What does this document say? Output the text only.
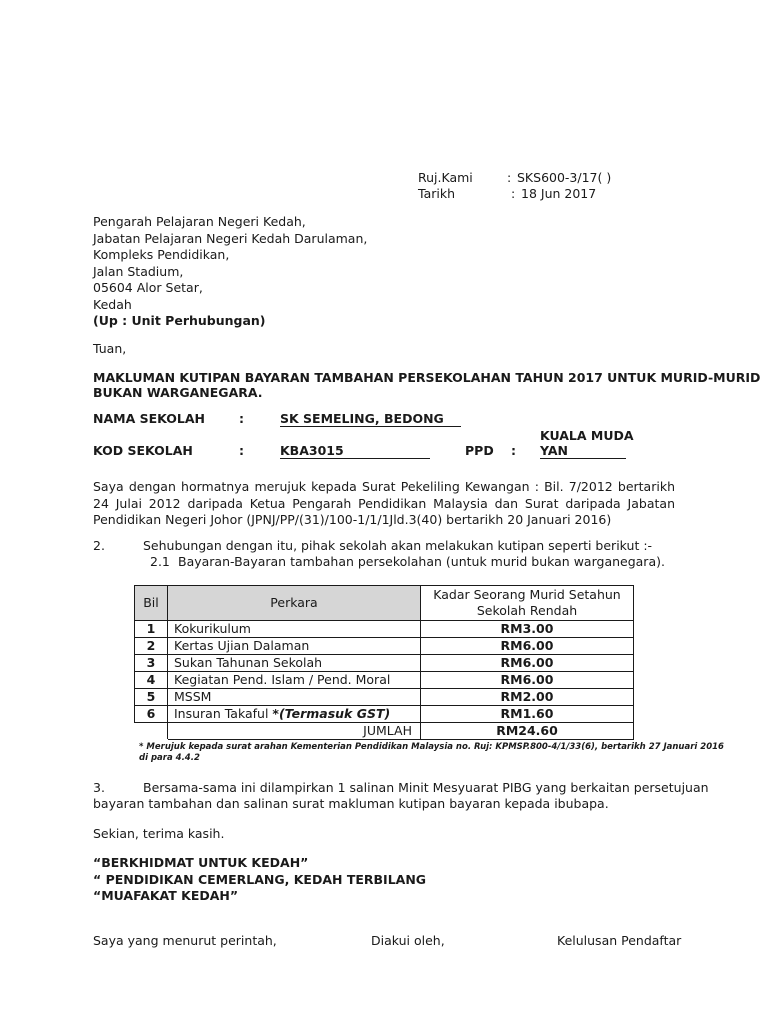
Ruj.Kami	: SKS600-3/17( )
Tarikh	: 18 Jun 2017
Pengarah Pelajaran Negeri Kedah,
Jabatan Pelajaran Negeri Kedah Darulaman,
Kompleks Pendidikan,
Jalan Stadium,
05604 Alor Setar,
Kedah
(Up : Unit Perhubungan)
Tuan,
MAKLUMAN KUTIPAN BAYARAN TAMBAHAN PERSEKOLAHAN TAHUN 2017 UNTUK MURID-MURID
BUKAN WARGANEGARA.
NAMA SEKOLAH	:	SK SEMELING, BEDONG
KUALA MUDA
KOD SEKOLAH	:	KBA3015	PPD : YAN
Saya dengan hormatnya merujuk kepada Surat Pekeliling Kewangan : Bil. 7/2012 bertarikh 24 Julai 2012 daripada Ketua Pengarah Pendidikan Malaysia dan Surat daripada Jabatan Pendidikan Negeri Johor (JPNJ/PP/(31)/100-1/1/1Jld.3(40) bertarikh 20 Januari 2016)
2.	Sehubungan dengan itu, pihak sekolah akan melakukan kutipan seperti berikut :-
2.1 Bayaran-Bayaran tambahan persekolahan (untuk murid bukan warganegara).
Bil	Perkara	Kadar Seorang Murid Setahun
Sekolah Rendah

1	Kokurikulum	RM3.00
2	Kertas Ujian Dalaman	RM6.00
3	Sukan Tahunan Sekolah	RM6.00
4	Kegiatan Pend. Islam / Pend. Moral	RM6.00
5	MSSM	RM2.00
6	Insuran Takaful *(Termasuk GST)	RM1.60
	JUMLAH	RM24.60
* Merujuk kepada surat arahan Kementerian Pendidikan Malaysia no. Ruj: KPMSP.800-4/1/33(6), bertarikh 27 Januari 2016
di para 4.4.2
3.	Bersama-sama ini dilampirkan 1 salinan Minit Mesyuarat PIBG yang berkaitan persetujuan
bayaran tambahan dan salinan surat makluman kutipan bayaran kepada ibubapa.
Sekian, terima kasih.
“BERKHIDMAT UNTUK KEDAH”
“ PENDIDIKAN CEMERLANG, KEDAH TERBILANG
“MUAFAKAT KEDAH”
Saya yang menurut perintah,	Diakui oleh,	Kelulusan Pendaftar
